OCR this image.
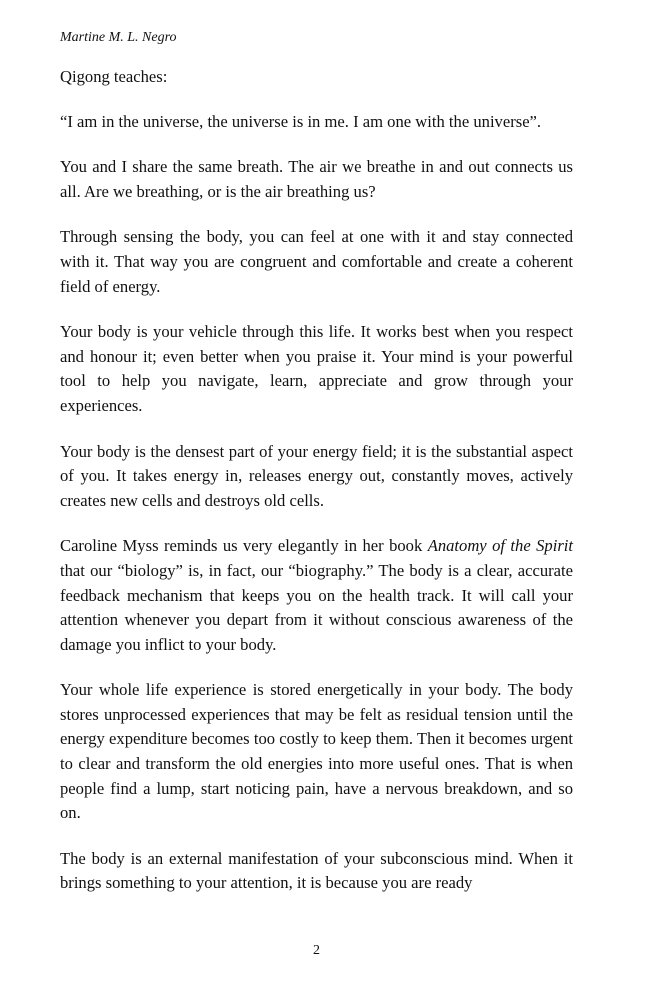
Martine M. L. Negro

Qigong teaches:

“I am in the universe, the universe is in me. I am one with the universe”.

You and I share the same breath. The air we breathe in and out connects us all. Are we breathing, or is the air breathing us?

Through sensing the body, you can feel at one with it and stay connected with it. That way you are congruent and comfortable and create a coherent field of energy.

Your body is your vehicle through this life. It works best when you respect and honour it; even better when you praise it. Your mind is your powerful tool to help you navigate, learn, appreciate and grow through your experiences.

Your body is the densest part of your energy field; it is the substantial aspect of you. It takes energy in, releases energy out, constantly moves, actively creates new cells and destroys old cells.

Caroline Myss reminds us very elegantly in her book Anatomy of the Spirit that our “biology” is, in fact, our “biography.” The body is a clear, accurate feedback mechanism that keeps you on the health track. It will call your attention whenever you depart from it without conscious awareness of the damage you inflict to your body.

Your whole life experience is stored energetically in your body. The body stores unprocessed experiences that may be felt as residual tension until the energy expenditure becomes too costly to keep them. Then it becomes urgent to clear and transform the old energies into more useful ones. That is when people find a lump, start noticing pain, have a nervous breakdown, and so on.

The body is an external manifestation of your subconscious mind. When it brings something to your attention, it is because you are ready

2
